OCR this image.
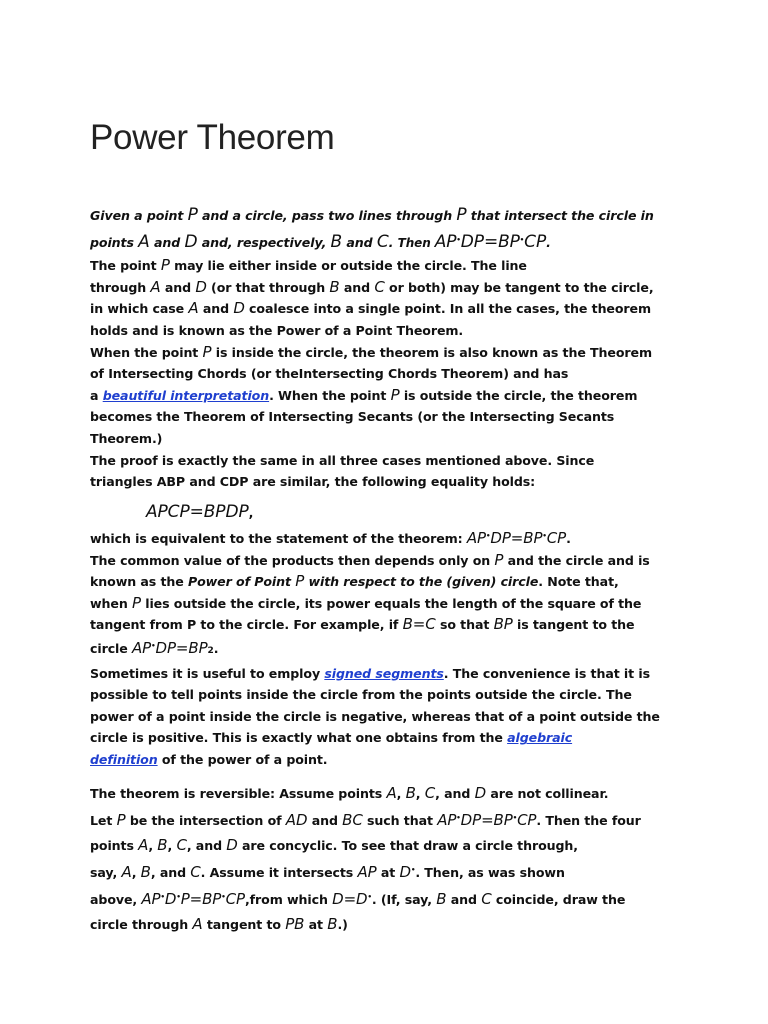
Power Theorem
Given a point P and a circle, pass two lines through P that intersect the circle in
points A and D and, respectively, B and C. Then AP•DP=BP•CP.
The point P may lie either inside or outside the circle. The line
through A and D (or that through B and C or both) may be tangent to the circle,
in which case A and D coalesce into a single point. In all the cases, the theorem
holds and is known as the Power of a Point Theorem.
When the point P is inside the circle, the theorem is also known as the Theorem
of Intersecting Chords (or theIntersecting Chords Theorem) and has
a beautiful interpretation. When the point P is outside the circle, the theorem
becomes the Theorem of Intersecting Secants (or the Intersecting Secants
Theorem.)
The proof is exactly the same in all three cases mentioned above. Since
triangles ABP and CDP are similar, the following equality holds:
APCP=BPDP,
which is equivalent to the statement of the theorem: AP•DP=BP•CP.
The common value of the products then depends only on P and the circle and is
known as the Power of Point P with respect to the (given) circle. Note that,
when P lies outside the circle, its power equals the length of the square of the
tangent from P to the circle. For example, if B=C so that BP is tangent to the
circle AP•DP=BP2.
Sometimes it is useful to employ signed segments. The convenience is that it is
possible to tell points inside the circle from the points outside the circle. The
power of a point inside the circle is negative, whereas that of a point outside the
circle is positive. This is exactly what one obtains from the algebraic
definition of the power of a point.
The theorem is reversible: Assume points A, B, C, and D are not collinear.
Let P be the intersection of AD and BC such that AP•DP=BP•CP. Then the four
points A, B, C, and D are concyclic. To see that draw a circle through,
say, A, B, and C. Assume it intersects AP at D•. Then, as was shown
above, AP•D•P=BP•CP,from which D=D•. (If, say, B and C coincide, draw the
circle through A tangent to PB at B.)
